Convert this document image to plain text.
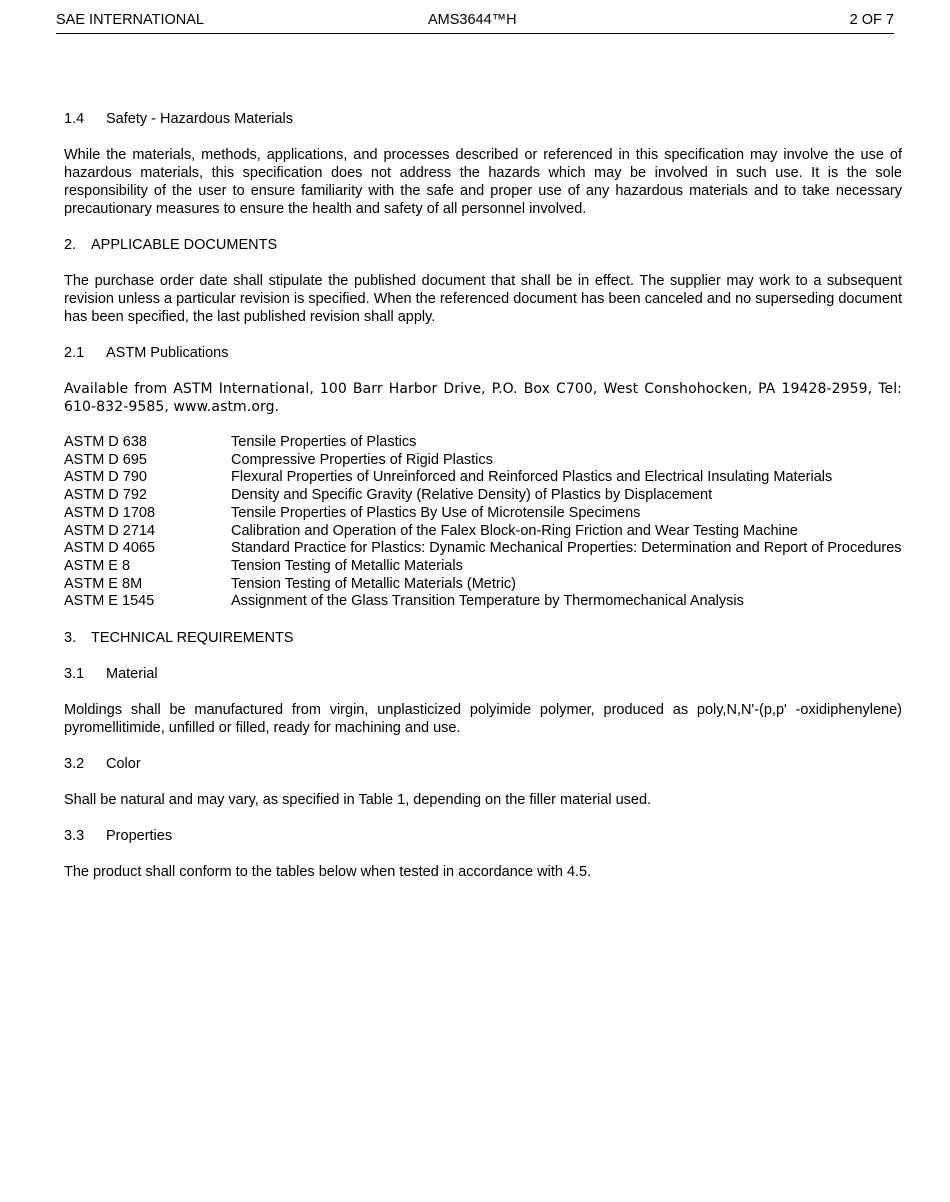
SAE INTERNATIONAL	AMS3644™H	2 OF 7
1.4 Safety - Hazardous Materials

While the materials, methods, applications, and processes described or referenced in this specification may involve the use of hazardous materials, this specification does not address the hazards which may be involved in such use. It is the sole responsibility of the user to ensure familiarity with the safe and proper use of any hazardous materials and to take necessary precautionary measures to ensure the health and safety of all personnel involved.

2. APPLICABLE DOCUMENTS

The purchase order date shall stipulate the published document that shall be in effect. The supplier may work to a subsequent revision unless a particular revision is specified. When the referenced document has been canceled and no superseding document has been specified, the last published revision shall apply.

2.1 ASTM Publications

Available from ASTM International, 100 Barr Harbor Drive, P.O. Box C700, West Conshohocken, PA 19428-2959, Tel: 610-832-9585, www.astm.org.

ASTM D 638	Tensile Properties of Plastics
ASTM D 695	Compressive Properties of Rigid Plastics
ASTM D 790	Flexural Properties of Unreinforced and Reinforced Plastics and Electrical Insulating Materials
ASTM D 792	Density and Specific Gravity (Relative Density) of Plastics by Displacement
ASTM D 1708	Tensile Properties of Plastics By Use of Microtensile Specimens
ASTM D 2714	Calibration and Operation of the Falex Block-on-Ring Friction and Wear Testing Machine
ASTM D 4065	Standard Practice for Plastics: Dynamic Mechanical Properties: Determination and Report of Procedures
ASTM E 8	Tension Testing of Metallic Materials
ASTM E 8M	Tension Testing of Metallic Materials (Metric)
ASTM E 1545	Assignment of the Glass Transition Temperature by Thermomechanical Analysis
3. TECHNICAL REQUIREMENTS
3.1 Material

Moldings shall be manufactured from virgin, unplasticized polyimide polymer, produced as poly,N,N'-(p,p' -oxidiphenylene) pyromellitimide, unfilled or filled, ready for machining and use.

3.2 Color

Shall be natural and may vary, as specified in Table 1, depending on the filler material used.

3.3 Properties

The product shall conform to the tables below when tested in accordance with 4.5.
